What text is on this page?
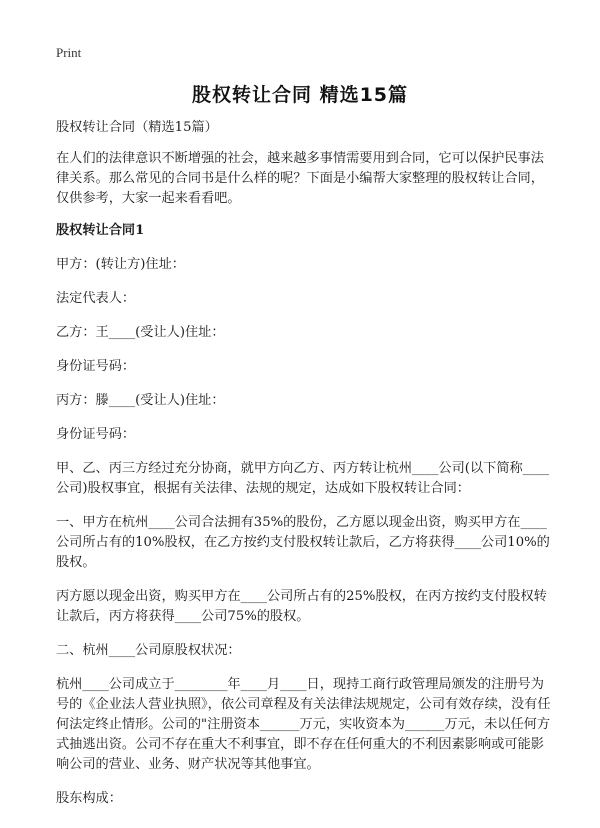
Print
股权转让合同 精选15篇

股权转让合同（精选15篇）

在人们的法律意识不断增强的社会，越来越多事情需要用到合同，它可以保护民事法律关系。那么常见的合同书是什么样的呢？下面是小编帮大家整理的股权转让合同，仅供参考，大家一起来看看吧。

股权转让合同1

甲方：(转让方)住址：

法定代表人：

乙方：王____(受让人)住址：

身份证号码：

丙方：滕____(受让人)住址：

身份证号码：

甲、乙、丙三方经过充分协商，就甲方向乙方、丙方转让杭州____公司(以下简称____公司)股权事宜，根据有关法律、法规的规定，达成如下股权转让合同：

一、甲方在杭州____公司合法拥有35%的股份，乙方愿以现金出资，购买甲方在____公司所占有的10%股权，在乙方按约支付股权转让款后，乙方将获得____公司10%的股权。

丙方愿以现金出资，购买甲方在____公司所占有的25%股权，在丙方按约支付股权转让款后，丙方将获得____公司75%的股权。

二、杭州____公司原股权状况：

杭州____公司成立于________年____月____日，现持工商行政管理局颁发的注册号为号的《企业法人营业执照》，依公司章程及有关法律法规规定，公司有效存续，没有任何法定终止情形。公司的"注册资本______万元，实收资本为______万元，未以任何方式抽逃出资。公司不存在重大不利事宜，即不存在任何重大的不利因素影响或可能影响公司的营业、业务、财产状况等其他事宜。

股东构成：
